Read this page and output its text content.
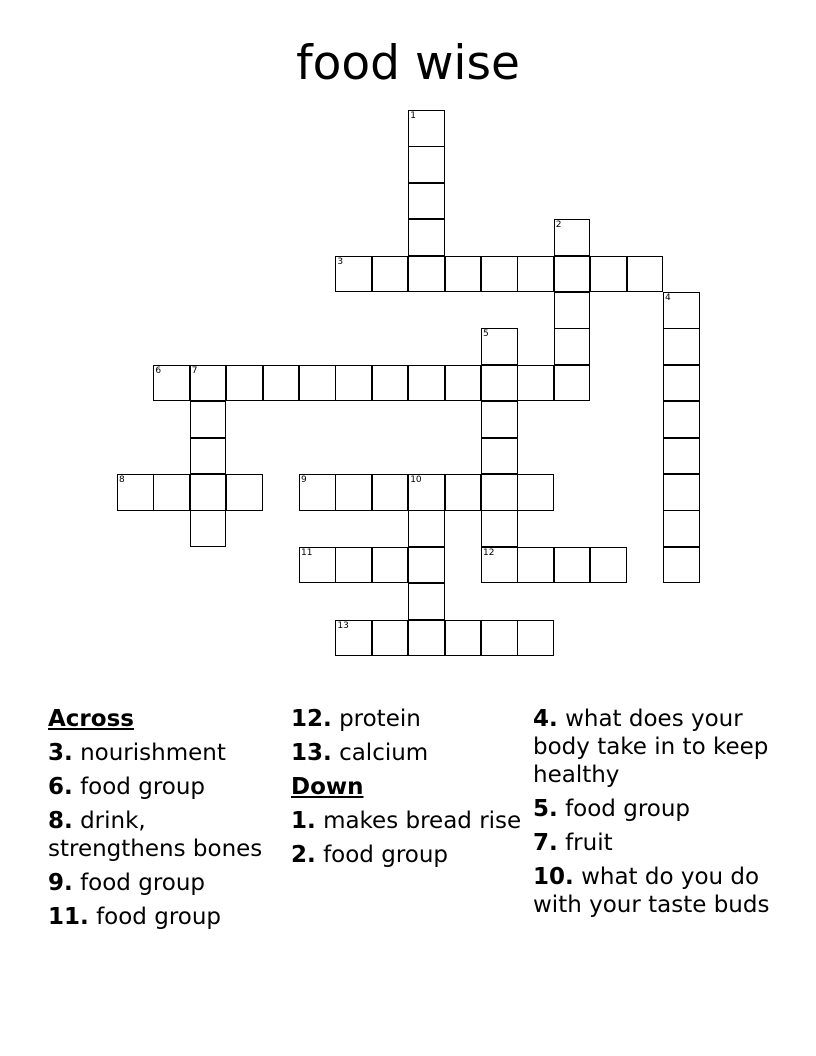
food wise
1
2
3
4
5
6	7
8	9	10
11	12
13
Across
3. nourishment
6. food group
8. drink, strengthens bones
9. food group
11. food group
12. protein
13. calcium
Down
1. makes bread rise
2. food group
4. what does your body take in to keep healthy
5. food group
7. fruit
10. what do you do with your taste buds
